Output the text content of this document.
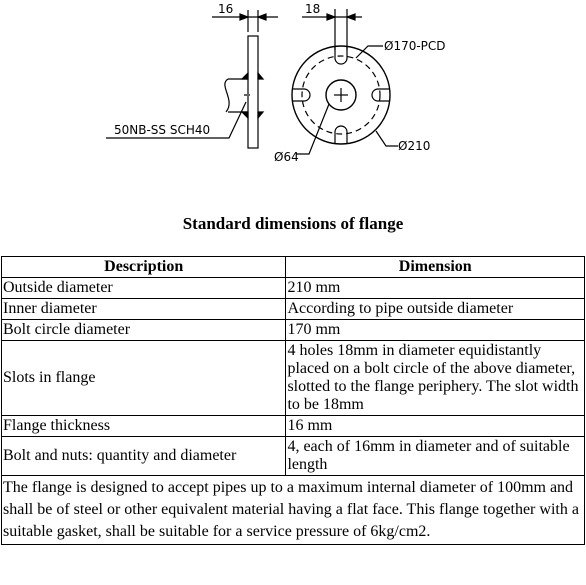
16	18
Ø170-PCD
50NB-SS SCH40
Ø64
Ø210
Standard dimensions of flange
Description	Dimension
Outside diameter	210 mm
Inner diameter	According to pipe outside diameter
Bolt circle diameter	170 mm
Slots in flange	4 holes 18mm in diameter equidistantly placed on a bolt circle of the above diameter, slotted to the flange periphery. The slot width to be 18mm
Flange thickness	16 mm
Bolt and nuts: quantity and diameter	4, each of 16mm in diameter and of suitable length
The flange is designed to accept pipes up to a maximum internal diameter of 100mm and shall be of steel or other equivalent material having a flat face. This flange together with a suitable gasket, shall be suitable for a service pressure of 6kg/cm2.	
